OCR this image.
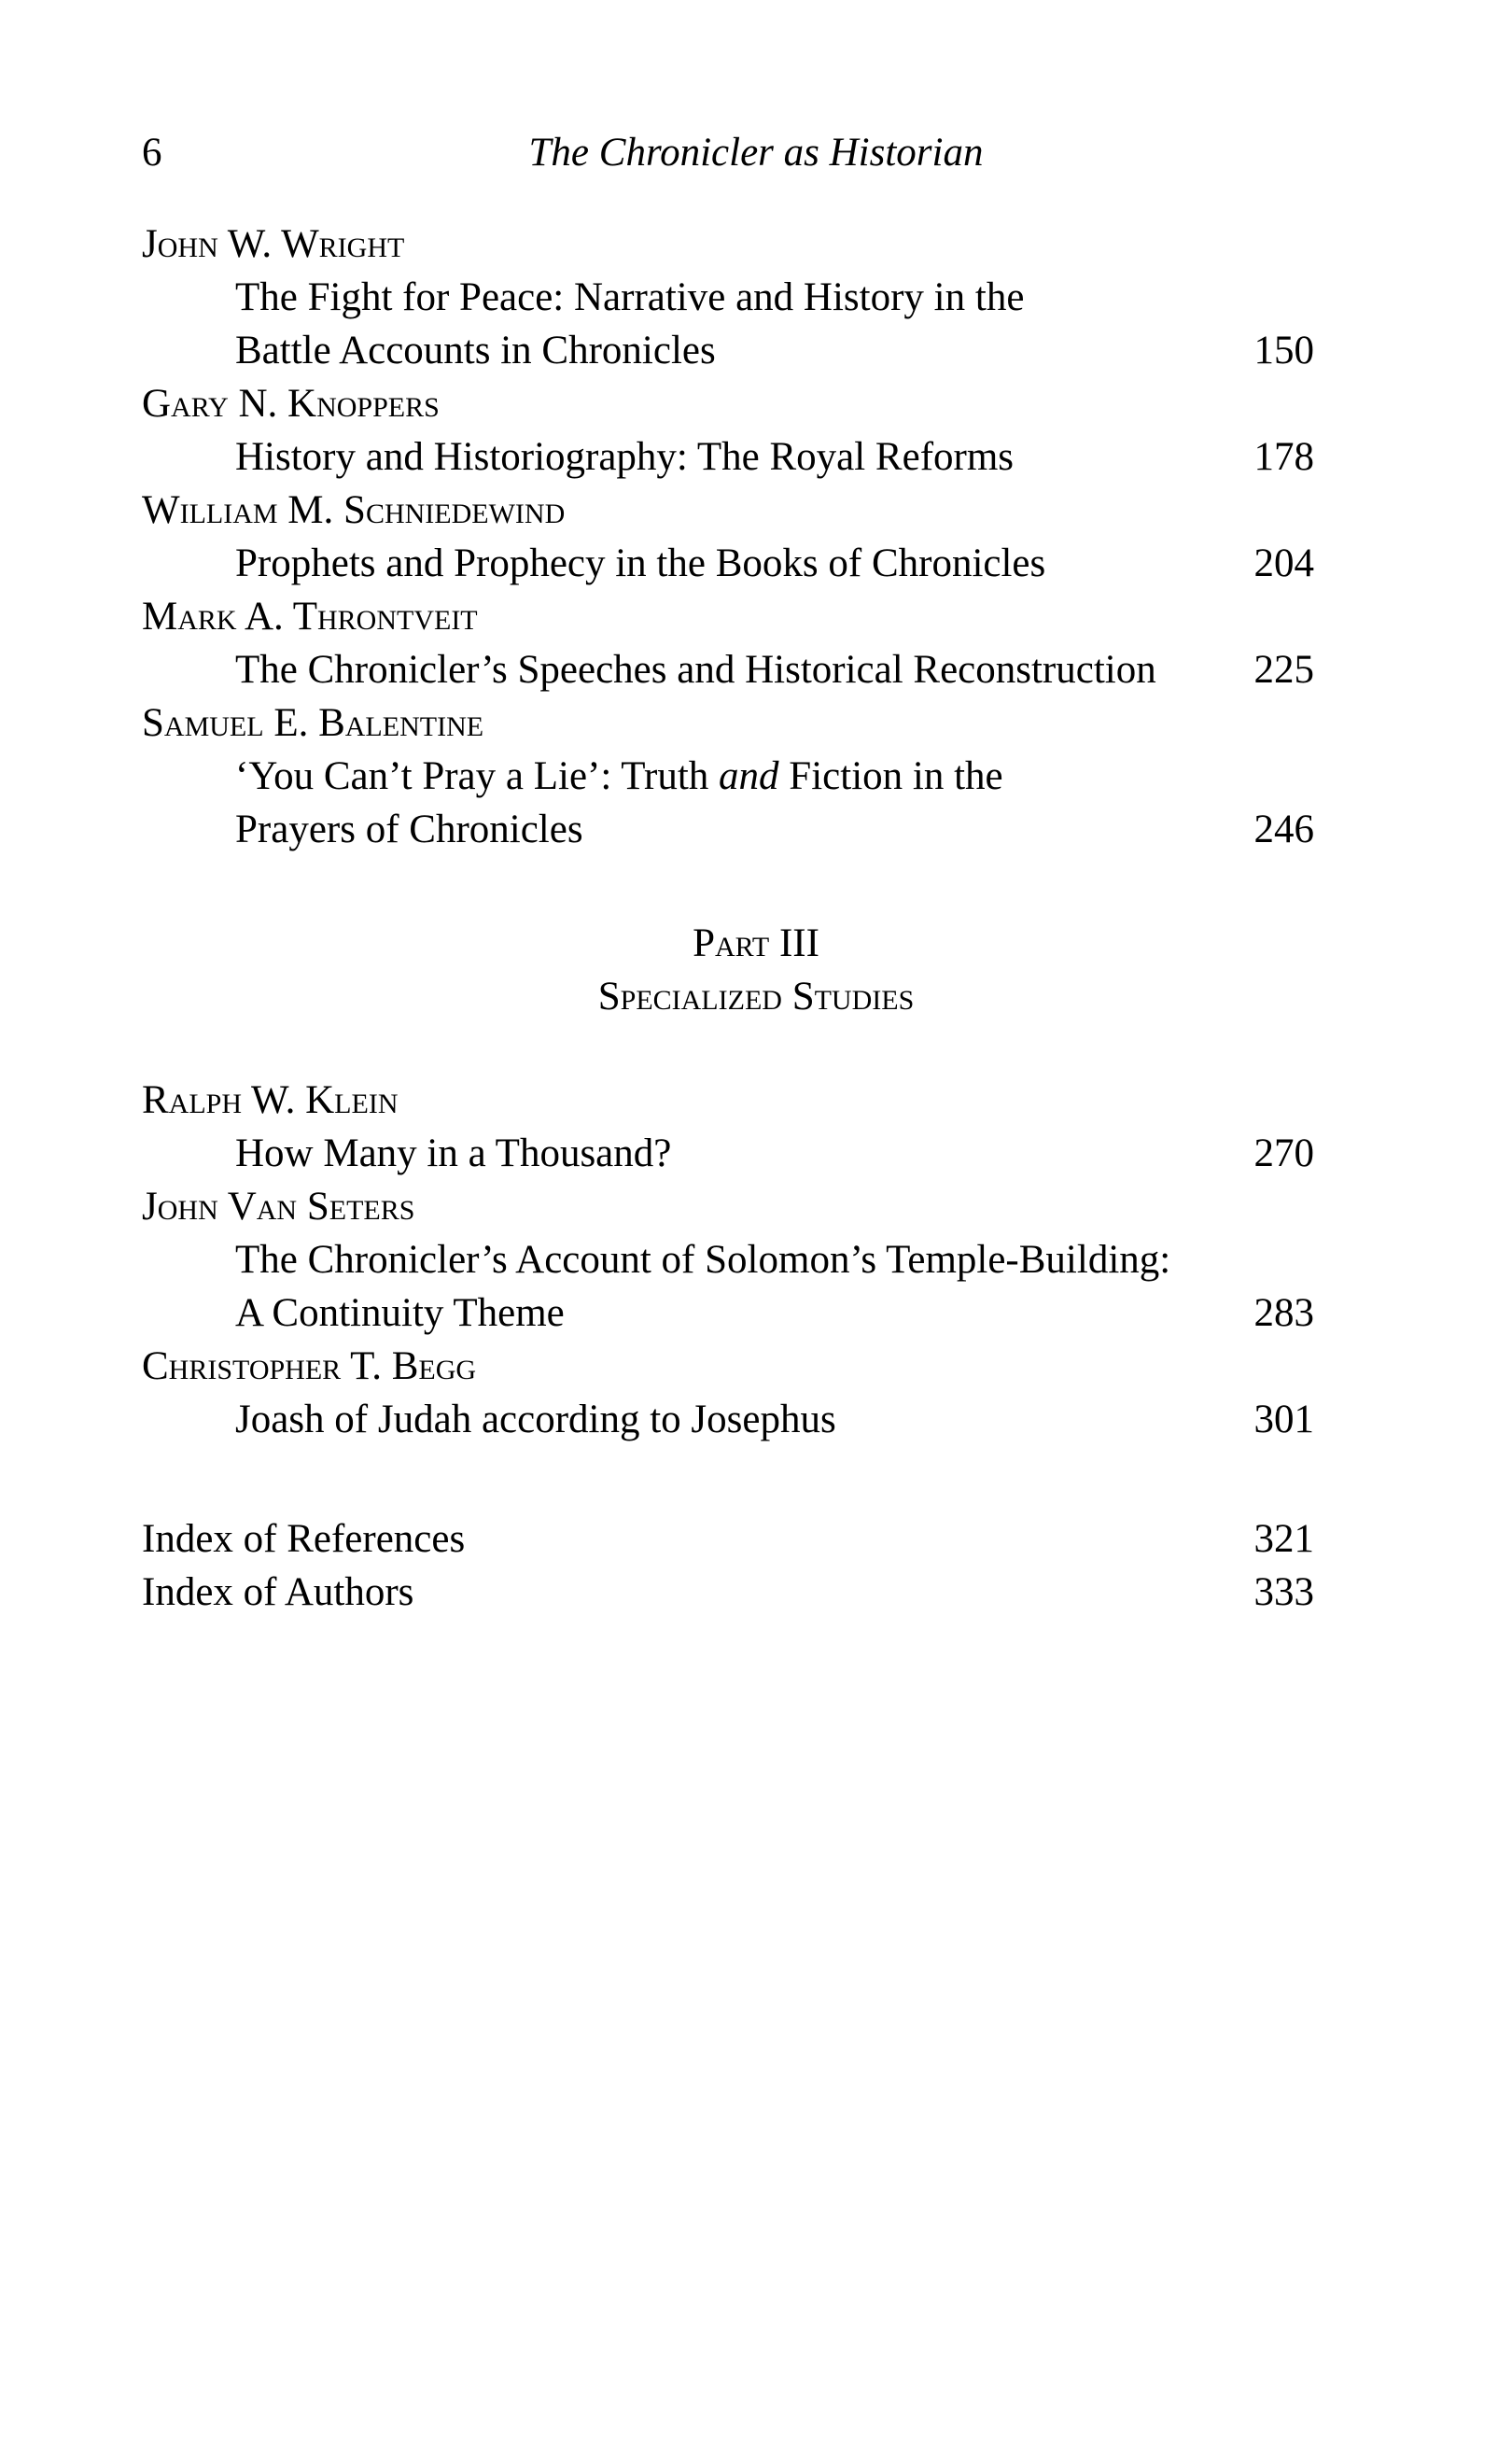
6	The Chronicler as Historian
John W. Wright
The Fight for Peace: Narrative and History in the
Battle Accounts in Chronicles	150
Gary N. Knoppers
History and Historiography: The Royal Reforms	178
William M. Schniedewind
Prophets and Prophecy in the Books of Chronicles	204
Mark A. Throntveit
The Chronicler’s Speeches and Historical Reconstruction 225
Samuel E. Balentine
‘You Can’t Pray a Lie’: Truth and Fiction in the
Prayers of Chronicles	246
Part III
Specialized Studies
Ralph W. Klein
How Many in a Thousand?	270
John Van Seters
The Chronicler’s Account of Solomon’s Temple-Building:
A Continuity Theme	283
Christopher T. Begg
Joash of Judah according to Josephus	301
Index of References	321
Index of Authors	333
